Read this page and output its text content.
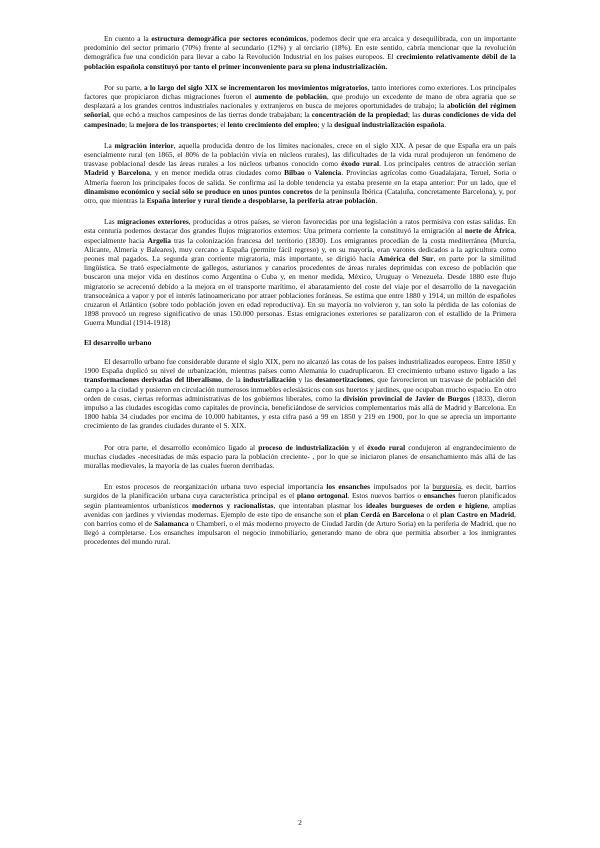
En cuento a la estructura demográfica por sectores económicos, podemos decir que era arcaica y desequilibrada, con un importante predominio del sector primario (70%) frente al secundario (12%) y al terciario (18%). En este sentido, cabría mencionar que la revolución demográfica fue una condición para llevar a cabo la Revolución Industrial en los países europeos. El crecimiento relativamente débil de la población española constituyó por tanto el primer inconveniente para su plena industrialización.

Por su parte, a lo largo del siglo XIX se incrementaron los movimientos migratorios, tanto interiores como exteriores. Los principales factores que propiciaron dichas migraciones fueron el aumento de población, que produjo un excedente de mano de obra agraria que se desplazará a los grandes centros industriales nacionales y extranjeros en busca de mejores oportunidades de trabajo; la abolición del régimen señorial, que echó a muchos campesinos de las tierras donde trabajaban; la concentración de la propiedad; las duras condiciones de vida del campesinado; la mejora de los transportes; el lento crecimiento del empleo; y la desigual industrialización española.

La migración interior, aquella producida dentro de los límites nacionales, crece en el siglo XIX. A pesar de que España era un país esencialmente rural (en 1865, el 80% de la población vivía en núcleos rurales), las dificultades de la vida rural produjeron un fenómeno de trasvase poblacional desde las áreas rurales a los núcleos urbanos conocido como éxodo rural. Los principales centros de atracción serían Madrid y Barcelona, y en menor medida otras ciudades como Bilbao o Valencia. Provincias agrícolas como Guadalajara, Teruel, Soria o Almería fueron los principales focos de salida. Se confirma así la doble tendencia ya estaba presente en la etapa anterior: Por un lado, que el dinamismo económico y social sólo se produce en unos puntos concretos de la península Ibérica (Cataluña, concretamente Barcelona), y, por otro, que mientras la España interior y rural tiende a despoblarse, la periferia atrae población.

Las migraciones exteriores, producidas a otros países, se vieron favorecidas por una legislación a ratos permisiva con estas salidas. En esta centuria podemos destacar dos grandes flujos migratorios externos: Una primera corriente la constituyó la emigración al norte de África, especialmente hacia Argelia tras la colonización francesa del territorio (1830). Los emigrantes procedían de la costa mediterránea (Murcia, Alicante, Almería y Baleares), muy cercano a España (permite fácil regreso) y, en su mayoría, eran varones dedicados a la agricultura como peones mal pagados. La segunda gran corriente migratoria, más importante, se dirigió hacia América del Sur, en parte por la similitud lingüística. Se trató especialmente de gallegos, asturianos y canarios procedentes de áreas rurales deprimidas con exceso de población que buscaron una mejor vida en destinos como Argentina o Cuba y, en menor medida, México, Uruguay o Venezuela. Desde 1880 este flujo migratorio se acrecentó debido a la mejora en el transporte marítimo, el abaratamiento del coste del viaje por el desarrollo de la navegación transoceánica a vapor y por el interés latinoamericano por atraer poblaciones foráneas. Se estima que entre 1880 y 1914, un millón de españoles cruzaron el Atlántico (sobre todo población joven en edad reproductiva). En su mayoría no volvieron y, tan solo la pérdida de las colonias de 1898 provocó un regreso significativo de unas 150.000 personas. Estas emigraciones exteriores se paralizaron con el estallido de la Primera Guerra Mundial (1914-1918)

El desarrollo urbano

El desarrollo urbano fue considerable durante el siglo XIX, pero no alcanzó las cotas de los países industrializados europeos. Entre 1850 y 1900 España duplicó su nivel de urbanización, mientras países como Alemania lo cuadruplicaron. El crecimiento urbano estuvo ligado a las transformaciones derivadas del liberalismo, de la industrialización y las desamortizaciones, que favorecieron un trasvase de población del campo a la ciudad y pusieron en circulación numerosos inmuebles eclesiásticos con sus huertos y jardines, que ocupaban mucho espacio. En otro orden de cosas, ciertas reformas administrativas de los gobiernos liberales, como la división provincial de Javier de Burgos (1833), dieron impulso a las ciudades escogidas como capitales de provincia, beneficiándose de servicios complementarios más allá de Madrid y Barcelona. En 1800 había 34 ciudades por encima de 10.000 habitantes, y esta cifra pasó a 99 en 1850 y 219 en 1900, por lo que se aprecia un importante crecimiento de las grandes ciudades durante el S. XIX.

Por otra parte, el desarrollo económico ligado al proceso de industrialización y el éxodo rural condujeron al engrandecimiento de muchas ciudades -necesitadas de más espacio para la población creciente- , por lo que se iniciaron planes de ensanchamiento más allá de las murallas medievales, la mayoría de las cuales fueron derribadas.

En estos procesos de reorganización urbana tuvo especial importancia los ensanches impulsados por la burguesía, es decir, barrios surgidos de la planificación urbana cuya característica principal es el plano ortogonal. Estos nuevos barrios o ensanches fueron planificados según planteamientos urbanísticos modernos y racionalistas, que intentaban plasmar los ideales burgueses de orden e higiene, amplias avenidas con jardines y viviendas modernas. Ejemplo de este tipo de ensanche son el plan Cerdà en Barcelona o el plan Castro en Madrid, con barrios como el de Salamanca o Chamberí, o el más moderno proyecto de Ciudad Jardín (de Arturo Soria) en la periferia de Madrid, que no llegó a completarse. Los ensanches impulsaron el negocio inmobiliario, generando mano de obra que permitía absorber a los inmigrantes procedentes del mundo rural.

2
